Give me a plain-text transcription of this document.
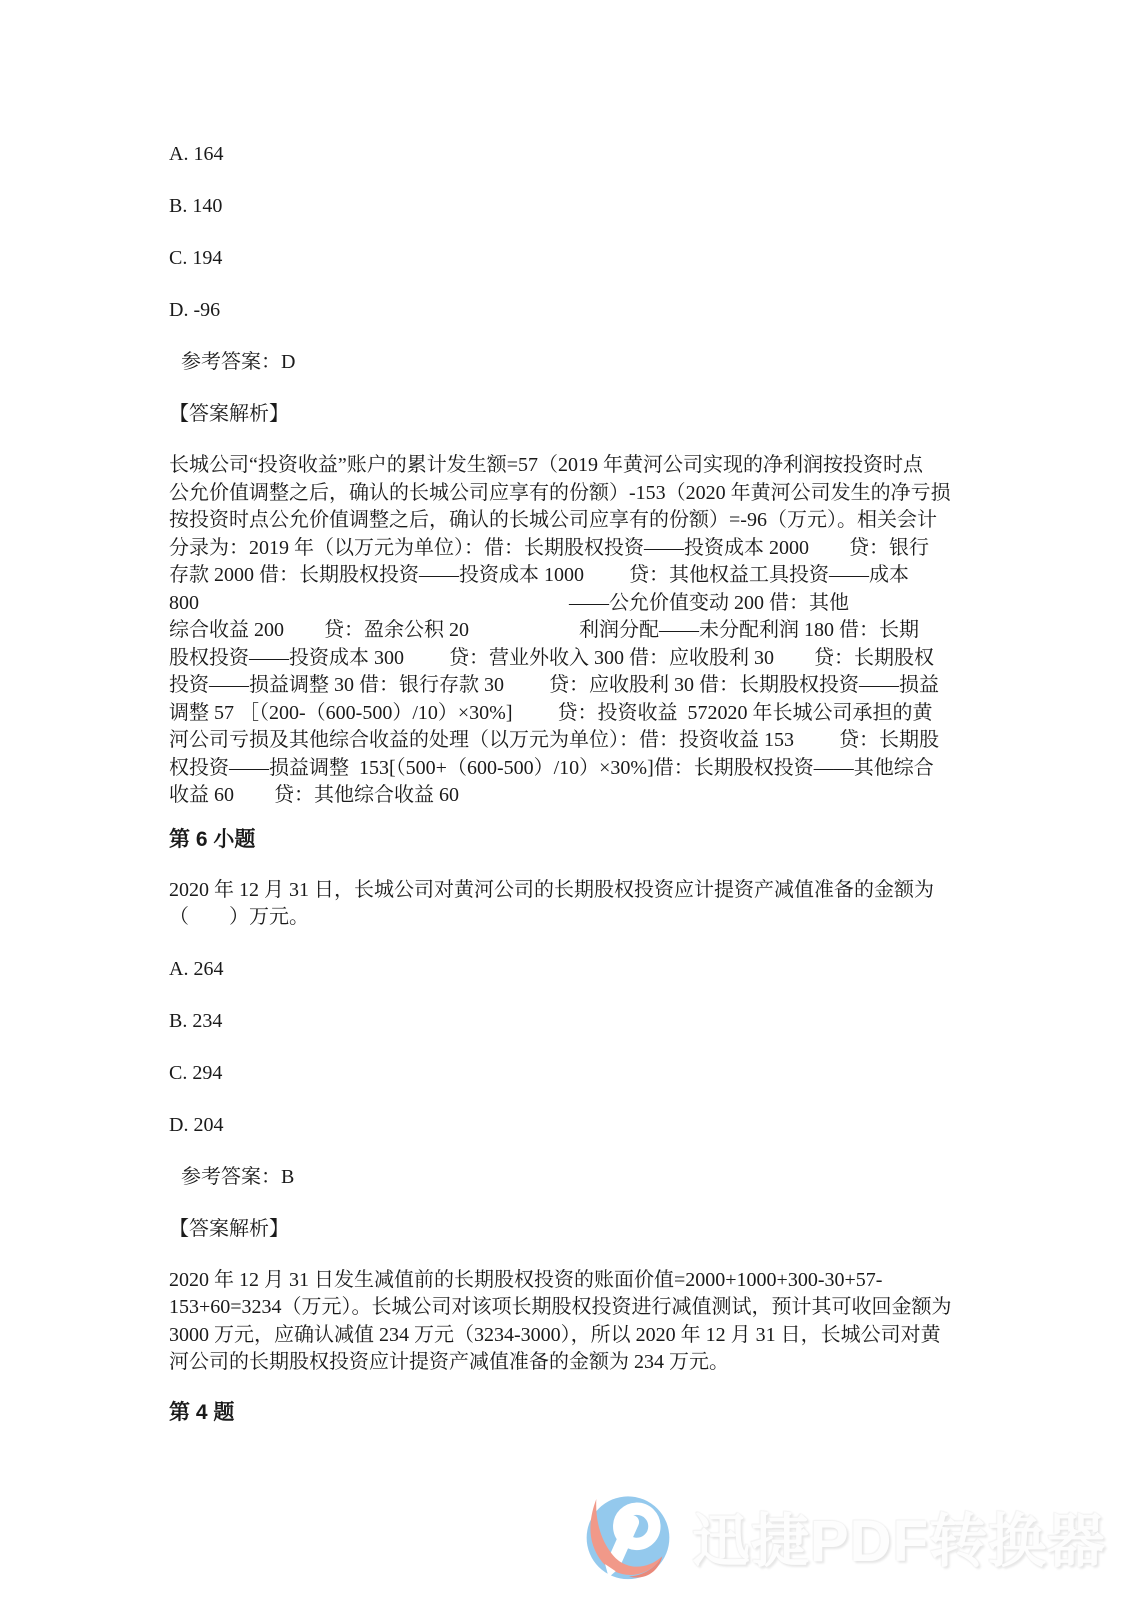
A. 164
B. 140
C. 194
D. -96
参考答案：D
【答案解析】
长城公司“投资收益”账户的累计发生额=57（2019 年黄河公司实现的净利润按投资时点
公允价值调整之后，确认的长城公司应享有的份额）-153（2020 年黄河公司发生的净亏损
按投资时点公允价值调整之后，确认的长城公司应享有的份额）=-96（万元）。相关会计
分录为：2019 年（以万元为单位）：借：长期股权投资——投资成本 2000        贷：银行
存款 2000 借：长期股权投资——投资成本 1000         贷：其他权益工具投资——成本
800                                                                          ——公允价值变动 200 借：其他
综合收益 200        贷：盈余公积 20                      利润分配——未分配利润 180 借：长期
股权投资——投资成本 300         贷：营业外收入 300 借：应收股利 30        贷：长期股权
投资——损益调整 30 借：银行存款 30         贷：应收股利 30 借：长期股权投资——损益
调整 57 ［（200-（600-500）/10）×30%]         贷：投资收益  572020 年长城公司承担的黄
河公司亏损及其他综合收益的处理（以万元为单位）：借：投资收益 153         贷：长期股
权投资——损益调整  153[（500+（600-500）/10）×30%]借：长期股权投资——其他综合
收益 60        贷：其他综合收益 60
第 6 小题
2020 年 12 月 31 日，长城公司对黄河公司的长期股权投资应计提资产减值准备的金额为
（　　）万元。
A. 264
B. 234
C. 294
D. 204
参考答案：B
【答案解析】
2020 年 12 月 31 日发生减值前的长期股权投资的账面价值=2000+1000+300-30+57-
153+60=3234（万元）。长城公司对该项长期股权投资进行减值测试，预计其可收回金额为
3000 万元，应确认减值 234 万元（3234-3000），所以 2020 年 12 月 31 日，长城公司对黄
河公司的长期股权投资应计提资产减值准备的金额为 234 万元。
第 4 题
迅捷PDF转换器
